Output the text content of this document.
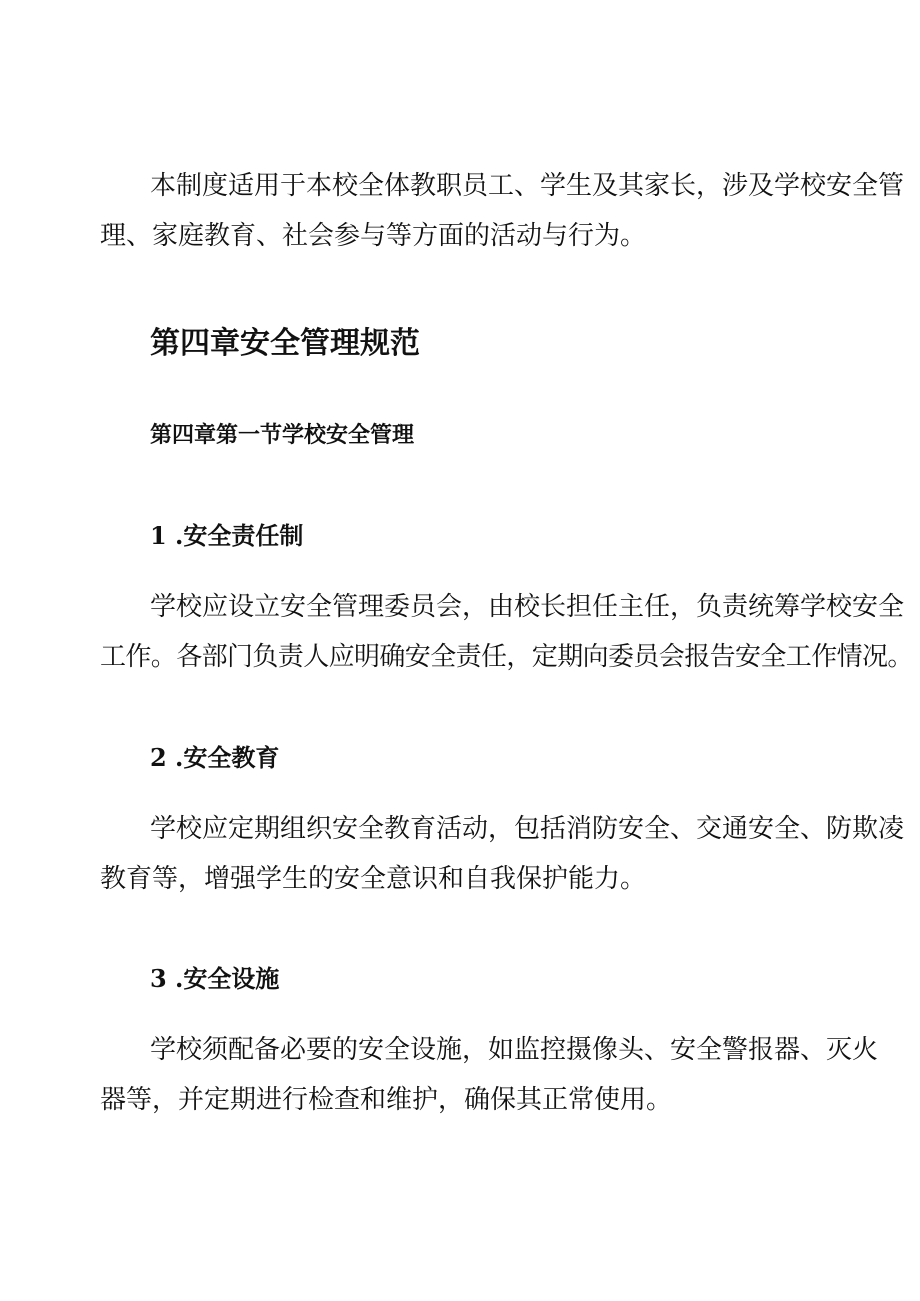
本制度适用于本校全体教职员工、学生及其家长，涉及学校安全管

理、家庭教育、社会参与等方面的活动与行为。

第四章安全管理规范
第四章第一节学校安全管理
1 .安全责任制

学校应设立安全管理委员会，由校长担任主任，负责统筹学校安全

工作。各部门负责人应明确安全责任，定期向委员会报告安全工作情况。

2 .安全教育

学校应定期组织安全教育活动，包括消防安全、交通安全、防欺凌

教育等，增强学生的安全意识和自我保护能力。

3 .安全设施

学校须配备必要的安全设施，如监控摄像头、安全警报器、灭火

器等，并定期进行检查和维护，确保其正常使用。
